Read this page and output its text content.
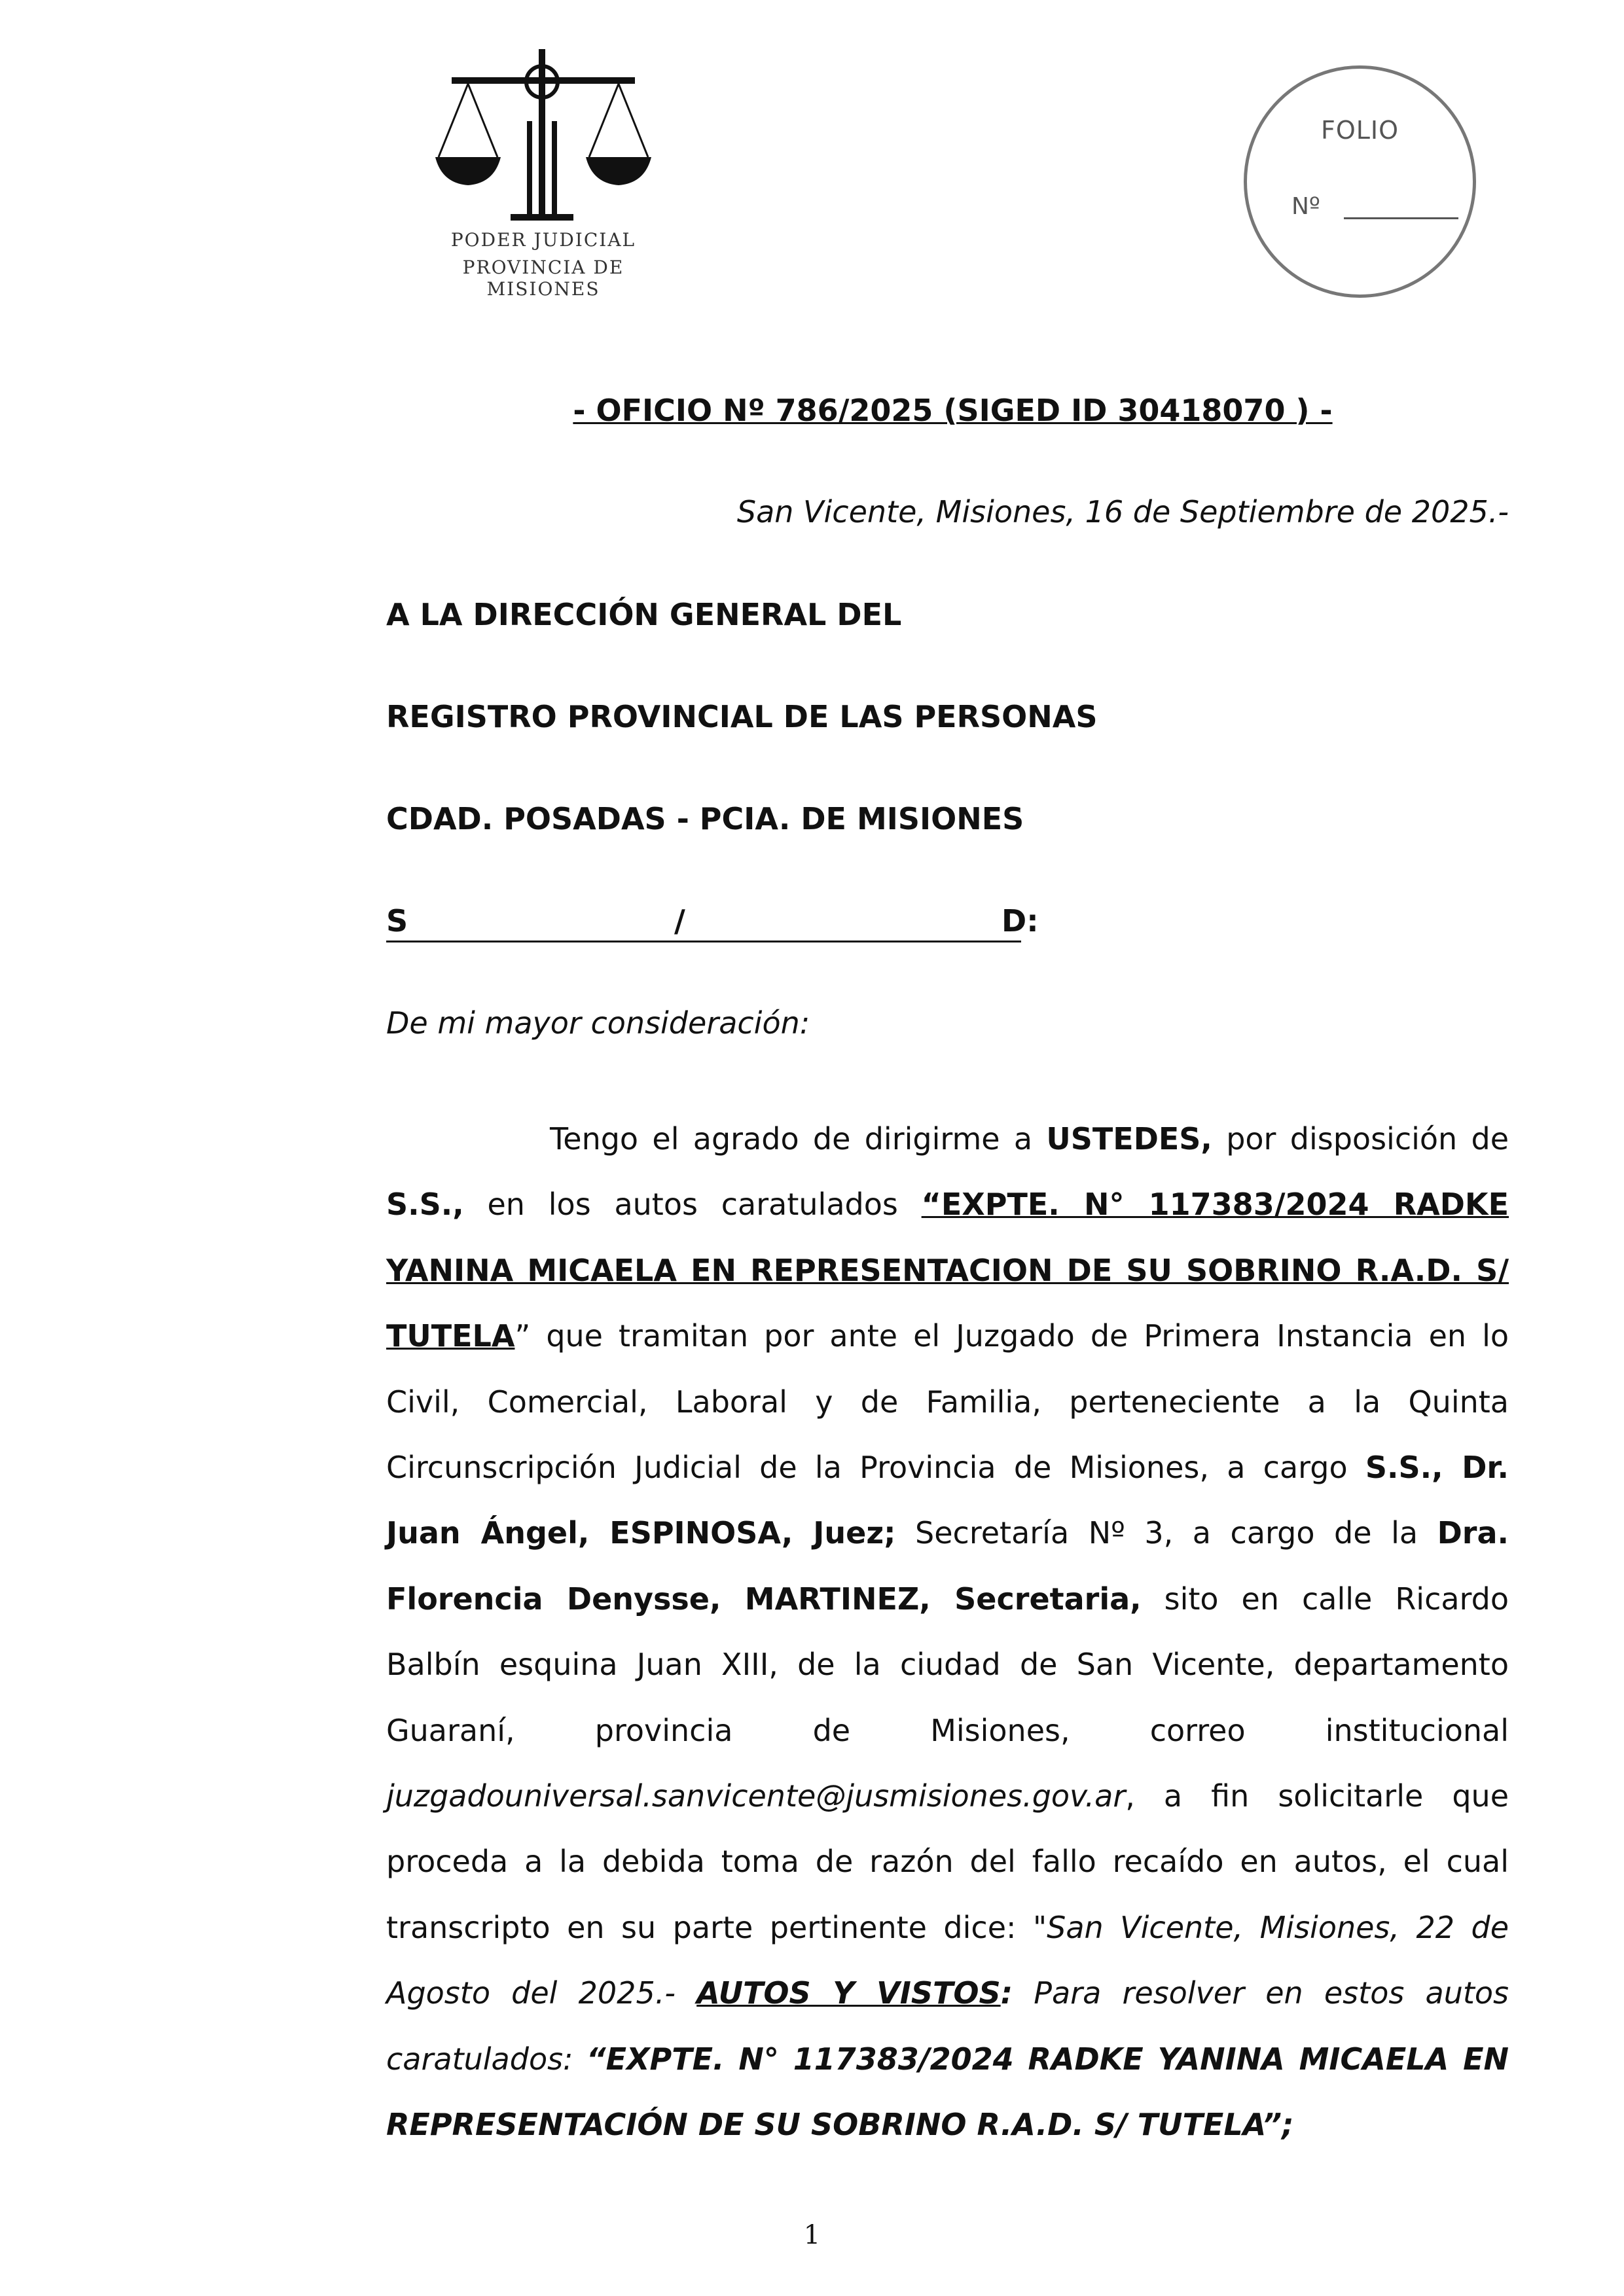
PODER JUDICIAL
PROVINCIA DE MISIONES
FOLIO
Nº
- OFICIO Nº 786/2025 (SIGED ID 30418070 ) -
San Vicente, Misiones, 16 de Septiembre de 2025.-
A LA DIRECCIÓN GENERAL DEL
REGISTRO PROVINCIAL DE LAS PERSONAS
CDAD. POSADAS - PCIA. DE MISIONES
S	/	D:
De mi mayor consideración:
Tengo el agrado de dirigirme a USTEDES, por disposición de S.S., en los autos caratulados “EXPTE. N° 117383/2024 RADKE YANINA MICAELA EN REPRESENTACION DE SU SOBRINO R.A.D. S/ TUTELA” que tramitan por ante el Juzgado de Primera Instancia en lo Civil, Comercial, Laboral y de Familia, perteneciente a la Quinta Circunscripción Judicial de la Provincia de Misiones, a cargo S.S., Dr. Juan Ángel, ESPINOSA, Juez; Secretaría Nº 3, a cargo de la Dra. Florencia Denysse, MARTINEZ, Secretaria, sito en calle Ricardo Balbín esquina Juan XIII, de la ciudad de San Vicente, departamento Guaraní, provincia de Misiones, correo institucional juzgadouniversal.sanvicente@jusmisiones.gov.ar, a fin solicitarle que proceda a la debida toma de razón del fallo recaído en autos, el cual transcripto en su parte pertinente dice: "San Vicente, Misiones, 22 de Agosto del 2025.- AUTOS Y VISTOS: Para resolver en estos autos caratulados: “EXPTE. N° 117383/2024 RADKE YANINA MICAELA EN REPRESENTACIÓN DE SU SOBRINO R.A.D. S/ TUTELA”;
1
